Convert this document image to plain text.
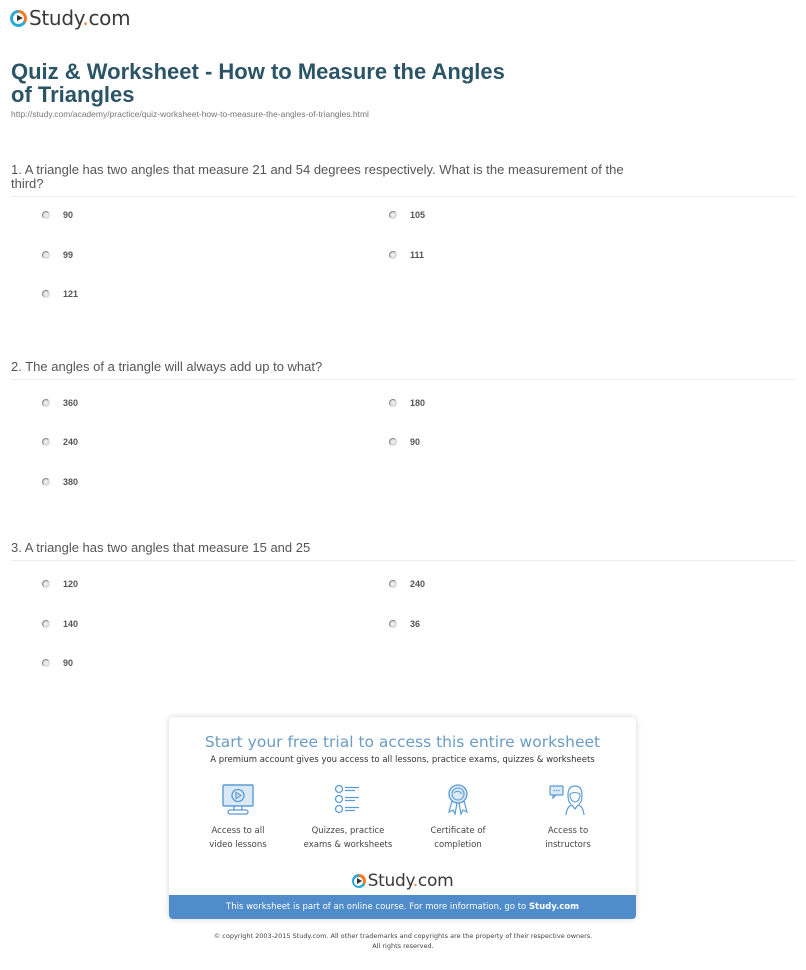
Study.com
Quiz & Worksheet - How to Measure the Angles of Triangles
http://study.com/academy/practice/quiz-worksheet-how-to-measure-the-angles-of-triangles.html
1. A triangle has two angles that measure 21 and 54 degrees respectively. What is the measurement of the third?
90	105
99	111
121
2. The angles of a triangle will always add up to what?
360	180
240	90
380
3. A triangle has two angles that measure 15 and 25
120	240
140	36
90
Start your free trial to access this entire worksheet
A premium account gives you access to all lessons, practice exams, quizzes & worksheets
Access to all
video lessons
Quizzes, practice
exams & worksheets
Certificate of
completion
Access to
instructors
Study.com
This worksheet is part of an online course. For more information, go to Study.com
© copyright 2003-2015 Study.com. All other trademarks and copyrights are the property of their respective owners.
All rights reserved.
